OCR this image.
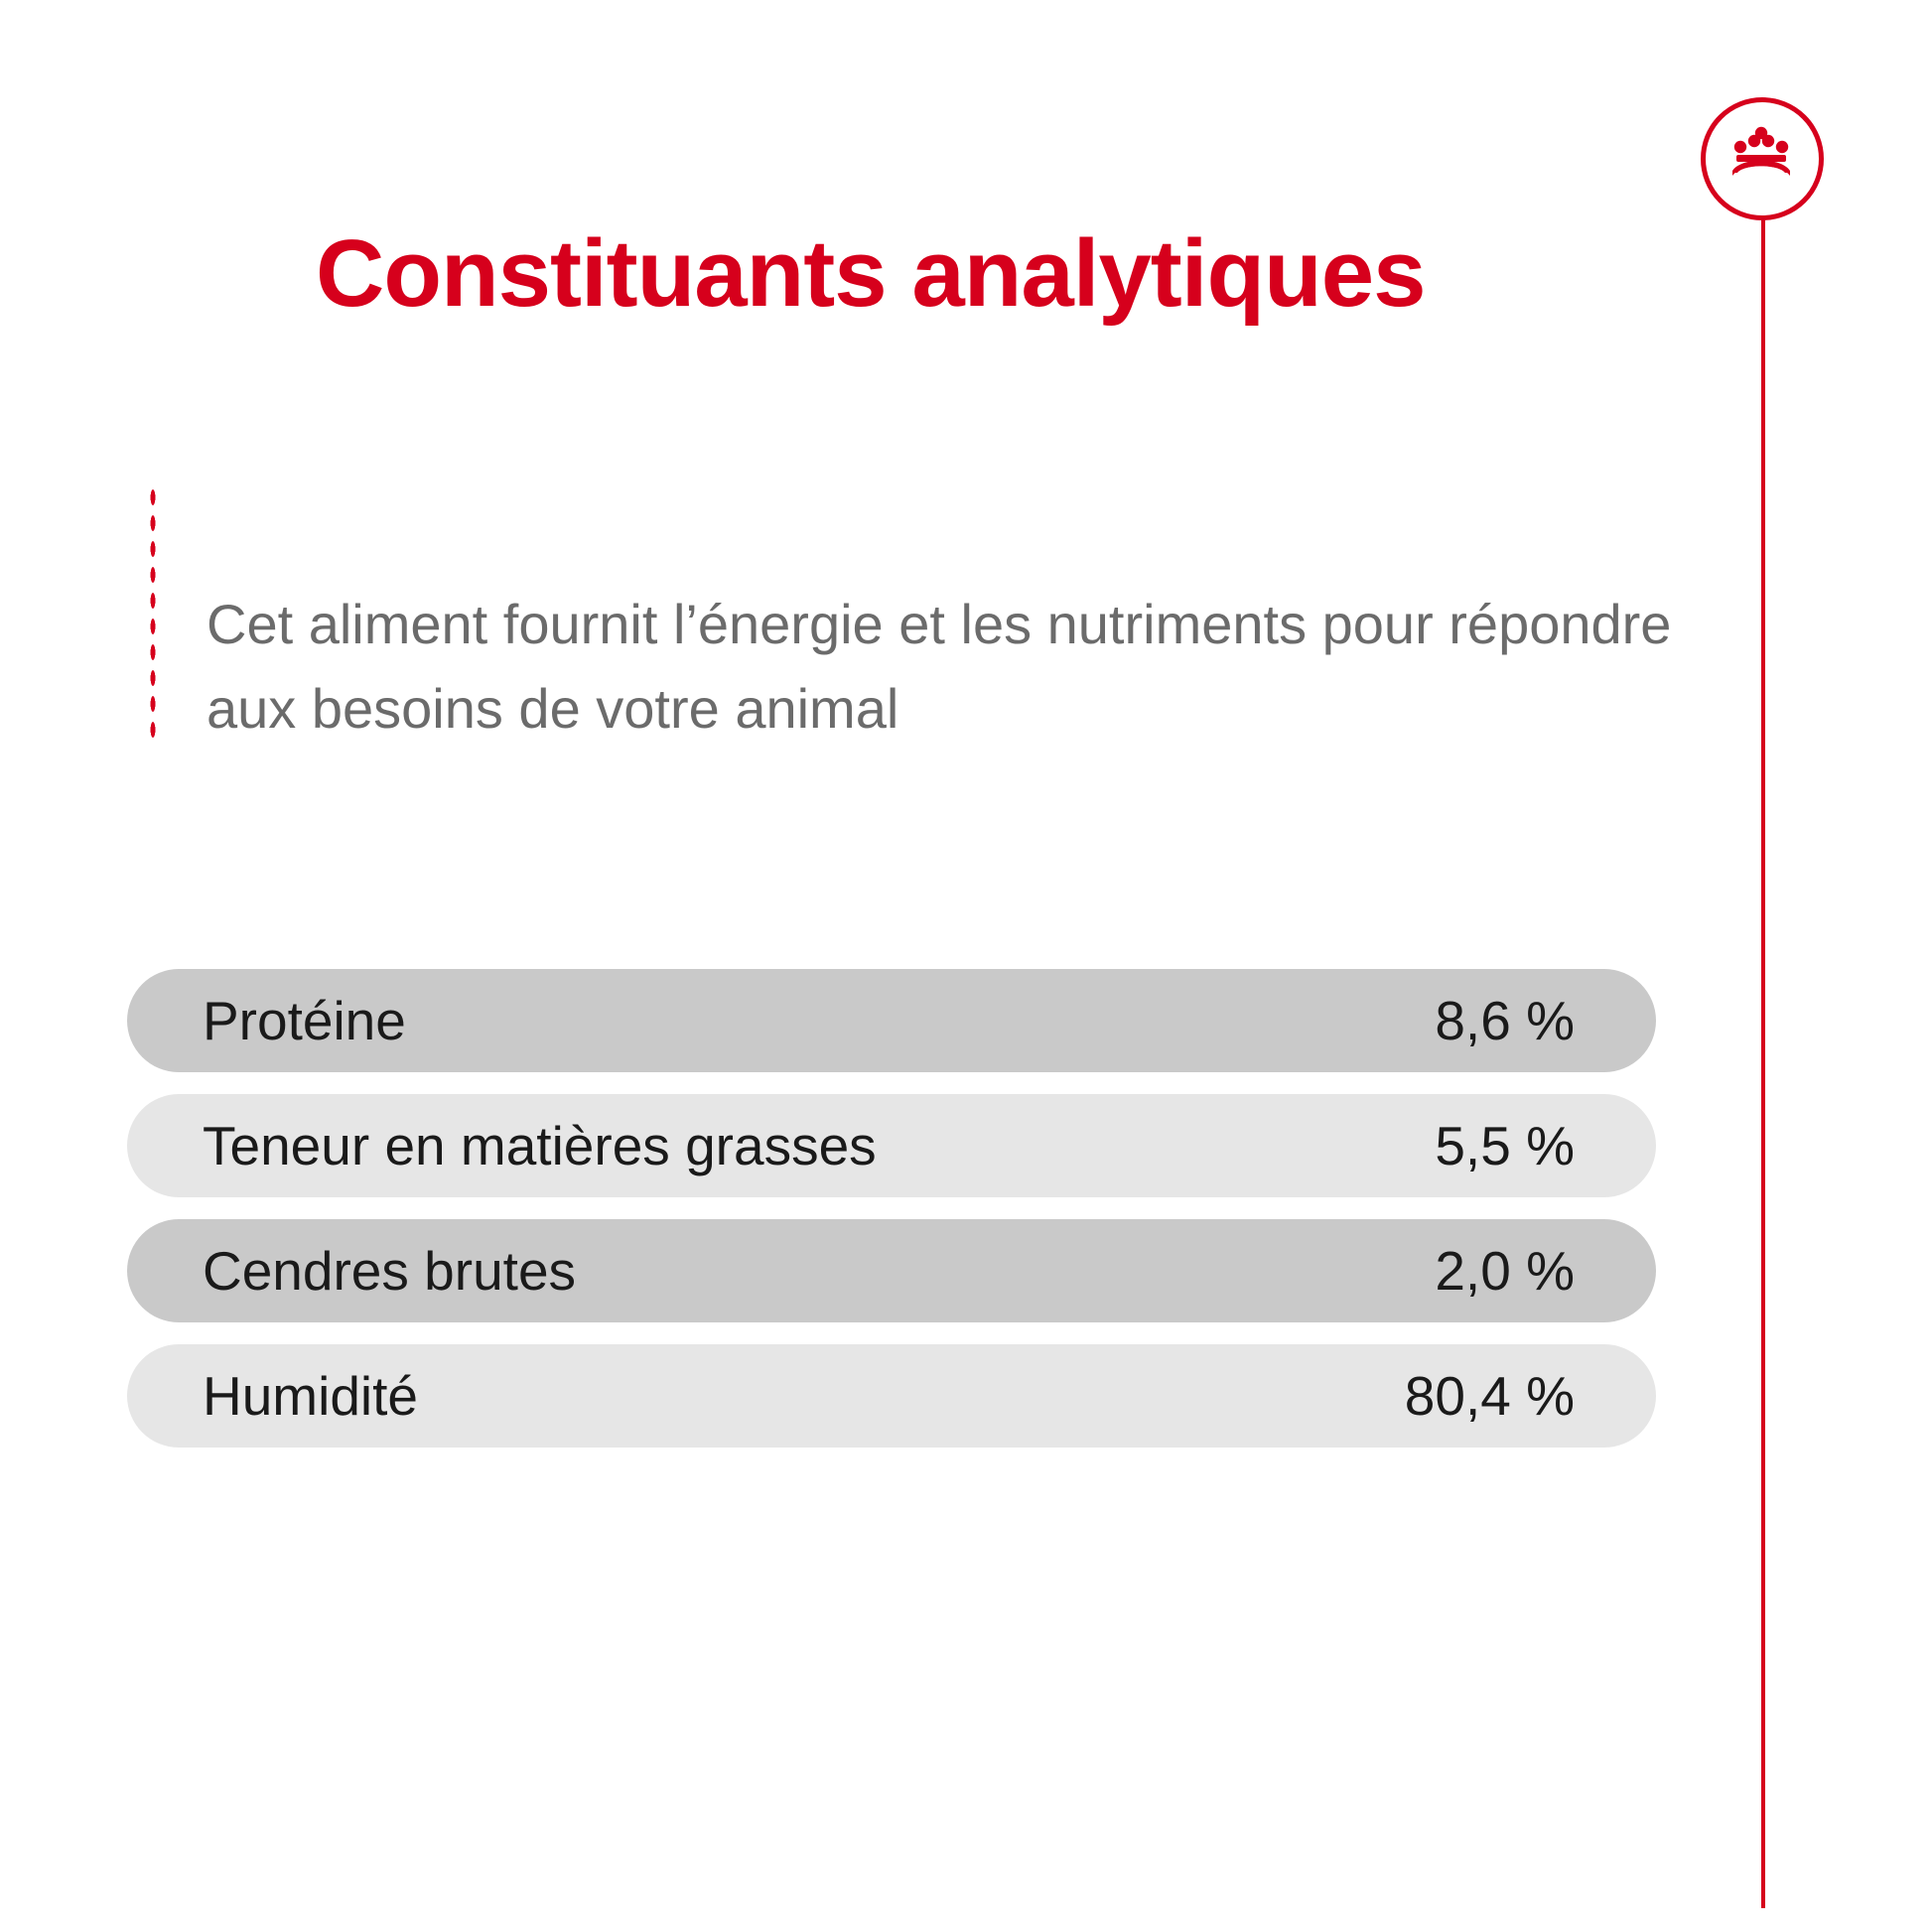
Constituants analytiques

Cet aliment fournit l’énergie et les nutriments pour répondre aux besoins de votre animal

Protéine	8,6 %
Teneur en matières grasses	5,5 %
Cendres brutes	2,0 %
Humidité	80,4 %
